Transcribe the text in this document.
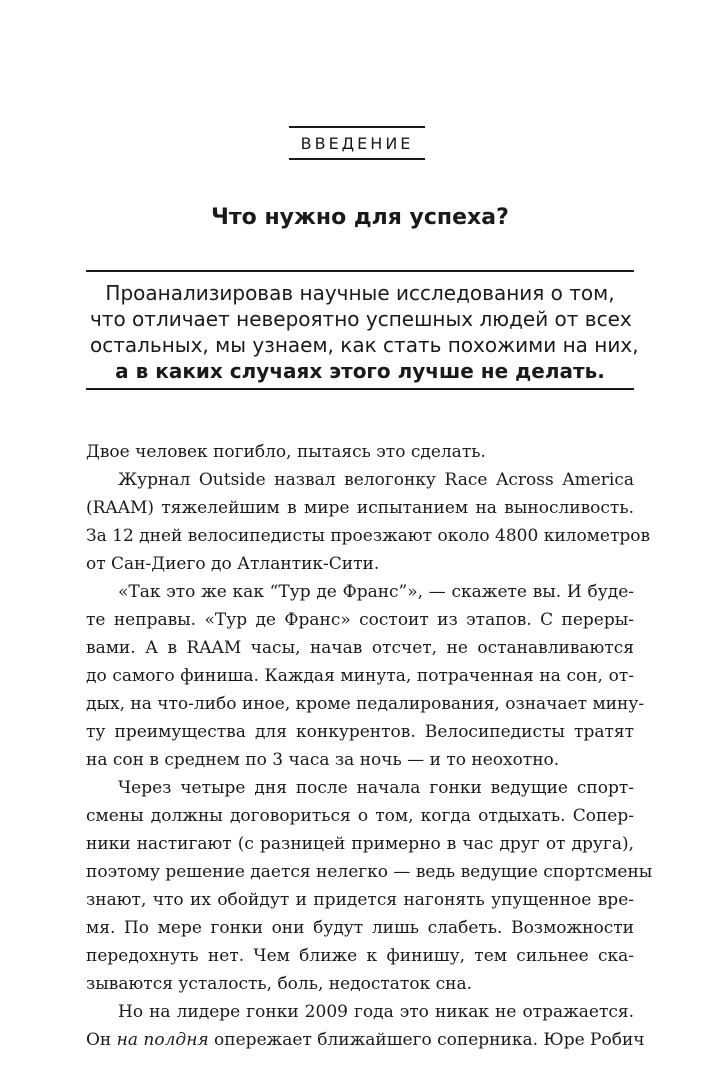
ВВЕДЕНИЕ
Что нужно для успеха?
Проанализировав научные исследования о том,
что отличает невероятно успешных людей от всех
остальных, мы узнаем, как стать похожими на них,
а в каких случаях этого лучше не делать.
Двое человек погибло, пытаясь это сделать.
Журнал Outside назвал велогонку Race Across America
(RAAM) тяжелейшим в мире испытанием на выносливость.
За 12 дней велосипедисты проезжают около 4800 километров
от Сан-Диего до Атлантик-Сити.
«Так это же как “Тур де Франс”», — скажете вы. И буде-
те неправы. «Тур де Франс» состоит из этапов. С переры-
вами. А в RAAM часы, начав отсчет, не останавливаются
до самого финиша. Каждая минута, потраченная на сон, от-
дых, на что-либо иное, кроме педалирования, означает мину-
ту преимущества для конкурентов. Велосипедисты тратят
на сон в среднем по 3 часа за ночь — и то неохотно.
Через четыре дня после начала гонки ведущие спорт-
смены должны договориться о том, когда отдыхать. Сопер-
ники настигают (с разницей примерно в час друг от друга),
поэтому решение дается нелегко — ведь ведущие спортсмены
знают, что их обойдут и придется нагонять упущенное вре-
мя. По мере гонки они будут лишь слабеть. Возможности
передохнуть нет. Чем ближе к финишу, тем сильнее ска-
зываются усталость, боль, недостаток сна.
Но на лидере гонки 2009 года это никак не отражается.
Он на полдня опережает ближайшего соперника. Юре Робич
